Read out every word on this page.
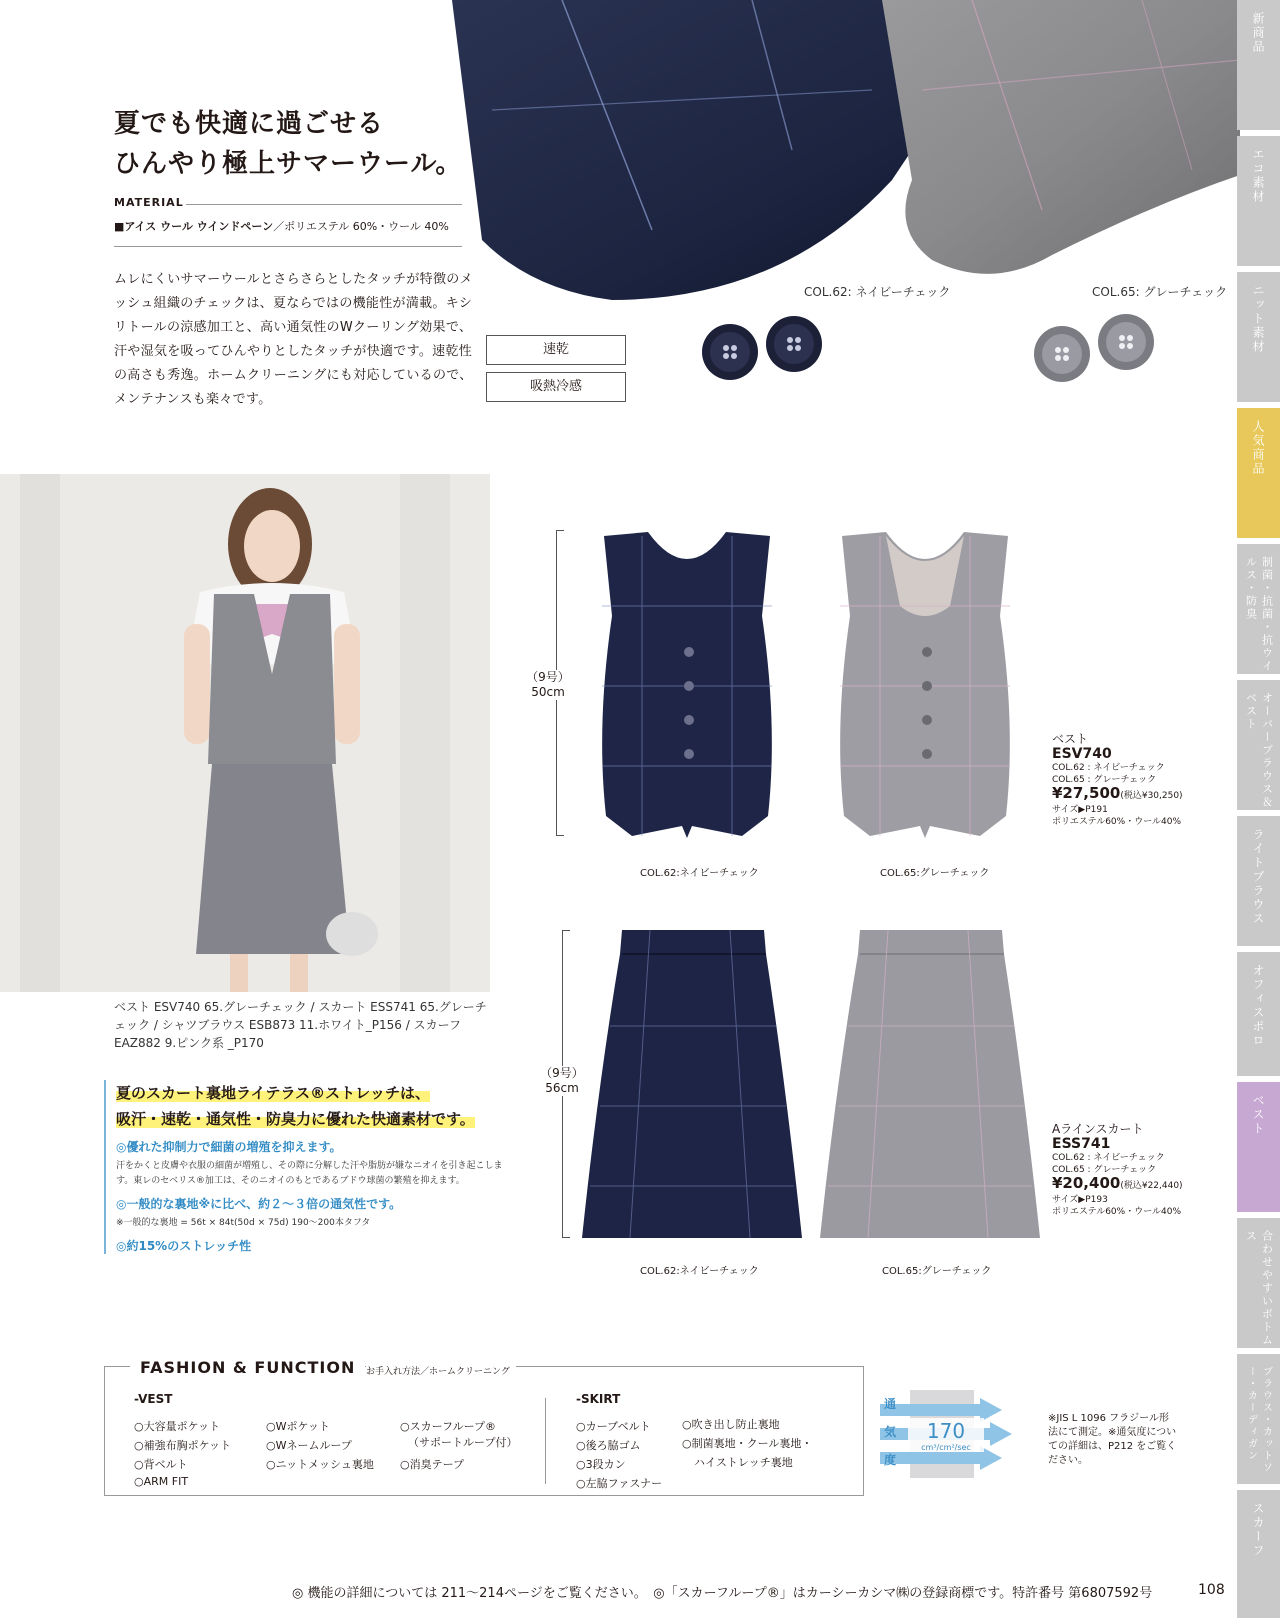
COL.62: ネイビーチェック	COL.65: グレーチェック
夏でも快適に過ごせる
ひんやり極上サマーウール。
MATERIAL
■アイス ウール ウインドペーン／ポリエステル 60%・ウール 40%
ムレにくいサマーウールとさらさらとしたタッチが特徴のメッシュ組織のチェックは、夏ならではの機能性が満載。キシリトールの涼感加工と、高い通気性のWクーリング効果で、汗や湿気を吸ってひんやりとしたタッチが快適です。速乾性の高さも秀逸。ホームクリーニングにも対応しているので、メンテナンスも楽々です。
速乾
吸熱冷感
新商品
エコ素材
ニット素材
人気商品
制菌・抗菌・抗ウイルス・防臭
オーバーブラウス＆ベスト
ライトブラウス
オフィスポロ
ベスト
合わせやすいボトムス
ブラウス・カットソー・カーディガン
スカーフ
ベスト ESV740 65.グレーチェック / スカート ESS741 65.グレーチェック / シャツブラウス ESB873 11.ホワイト_P156 / スカーフ EAZ882 9.ピンク系 _P170
夏のスカート裏地ライテラス®ストレッチは、
吸汗・速乾・通気性・防臭力に優れた快適素材です。
◎優れた抑制力で細菌の増殖を抑えます。
汗をかくと皮膚や衣服の細菌が増殖し、その際に分解した汗や脂肪が嫌なニオイを引き起こします。東レのセベリス®加工は、そのニオイのもとであるブドウ球菌の繁殖を抑えます。
◎一般的な裏地※に比べ、約２〜３倍の通気性です。
※一般的な裏地 = 56t × 84t(50d × 75d) 190〜200本タフタ
◎約15%のストレッチ性
（9号）
50cm
COL.62:ネイビーチェック	COL.65:グレーチェック
ベスト
ESV740
COL.62 : ネイビーチェック
COL.65 : グレーチェック
¥27,500(税込¥30,250)
サイズ▶P191
ポリエステル60%・ウール40%
（9号）
56cm
COL.62:ネイビーチェック	COL.65:グレーチェック
Aラインスカート
ESS741
COL.62 : ネイビーチェック
COL.65 : グレーチェック
¥20,400(税込¥22,440)
サイズ▶P193
ポリエステル60%・ウール40%
FASHION & FUNCTION	お手入れ方法／ホームクリーニング
-VEST
○大容量ポケット
○補強布胸ポケット
○背ベルト
○ARM FIT
○Wポケット
○Wネームループ
○ニットメッシュ裏地
○スカーフループ®
（サポートループ付）
○消臭テープ
-SKIRT
○カーブベルト
○後ろ脇ゴム
○3段カン
○左脇ファスナー
○吹き出し防止裏地
○制菌裏地・クール裏地・
ハイストレッチ裏地
通
気
度
170
cm³/cm²/sec
※JIS L 1096 フラジール形法にて測定。※通気度についての詳細は、P212 をご覧ください。
◎ 機能の詳細については 211〜214ページをご覧ください。　◎「スカーフループ®」はカーシーカシマ㈱の登録商標です。特許番号 第6807592号	108
